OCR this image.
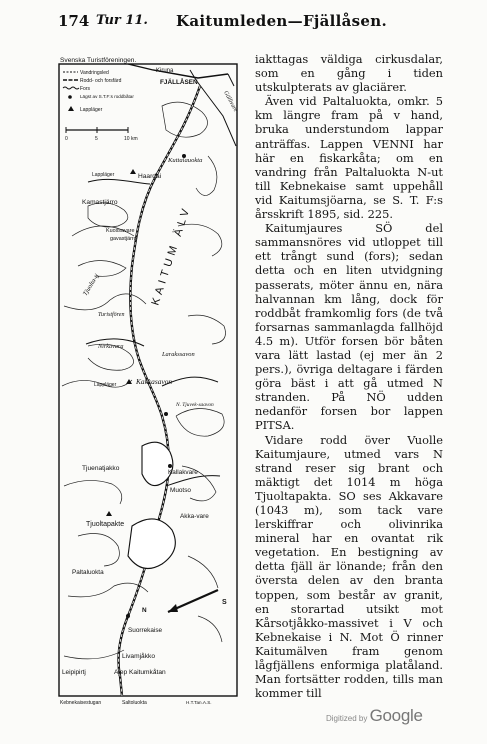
174 Tur 11. Kaitumleden—Fjällåsen.
Svenska Turistföreningen.
Vandringsled
Rodd- och forsfärd
Fors
Lägst av S.T.F:s roddbåtar
Lappläger
0	5	10 km
Kiruna
FJÄLLÅSEN
Gällivare
Kuttalauokta
Lappläger	Haardai
Kamastjärro
Kuossavare
gavastjärro KAITUM ÄLV
Tjuolta-tj
Turistfören
Nirkavara
Larakssavon
Lappläger	Kakkasavon
N. Tjuvek-saavon
Tjuenatjakko
Kallakvare
Muotso
Tjuoltapakte
Akka-vare
Paltaluokta
S
N
Suorrekaise
Livamjåkko
Leipipirtj	Ajep Kaitumkåtan
Kebnekaisestugan	Saltoluokta	H.T.Tan.A.S.

iakttagas väldiga cirkusdalar, som en gång i tiden utskulpterats av glaciärer.

Även vid Paltaluokta, omkr. 5 km längre fram på v hand, bruka understundom lappar anträffas. Lappen VENNI har här en fiskarkåta; om en vandring från Paltaluokta N-ut till Kebnekaise samt uppehåll vid Kaitumsjöarna, se S. T. F:s årsskrift 1895, sid. 225.

Kaitumjaures SÖ del sammansnöres vid utloppet till ett trångt sund (fors); sedan detta och en liten utvidgning passerats, möter ännu en, nära halvannan km lång, dock för roddbåt framkomlig fors (de två forsarnas sammanlagda fallhöjd 4.5 m). Utför forsen bör båten vara lätt lastad (ej mer än 2 pers.), övriga deltagare i färden göra bäst i att gå utmed N stranden. På NÖ udden nedanför forsen bor lappen PITSA.

Vidare rodd över Vuolle Kaitumjaure, utmed vars N strand reser sig brant och mäktigt det 1014 m höga Tjuoltapakta. SO ses Akkavare (1043 m), som tack vare lerskiffrar och olivinrika mineral har en ovantat rik vegetation. En bestigning av detta fjäll är lönande; från den översta delen av den branta toppen, som består av granit, en storartad utsikt mot Kårsotjåkko-massivet i V och Kebnekaise i N. Mot Ö rinner Kaitumälven fram genom lågfjällens enformiga platåland. Man fortsätter rodden, tills man kommer till

Digitized by Google
